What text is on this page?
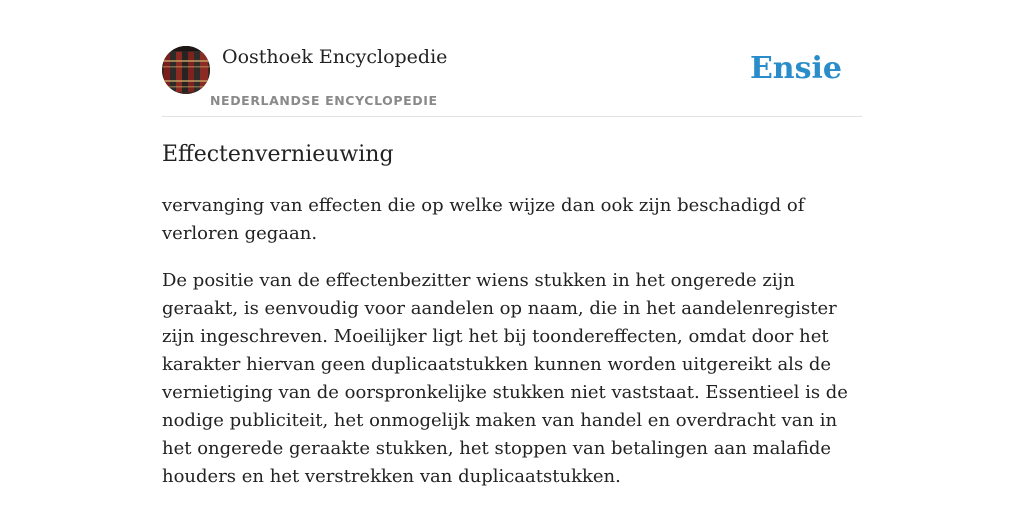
Oosthoek Encyclopedie
NEDERLANDSE ENCYCLOPEDIE
Ensie
Effectenvernieuwing

vervanging van effecten die op welke wijze dan ook zijn beschadigd of verloren gegaan.

De positie van de effectenbezitter wiens stukken in het ongerede zijn geraakt, is eenvoudig voor aandelen op naam, die in het aandelenregister zijn ingeschreven. Moeilijker ligt het bij toondereffecten, omdat door het karakter hiervan geen duplicaatstukken kunnen worden uitgereikt als de vernietiging van de oorspronkelijke stukken niet vaststaat. Essentieel is de nodige publiciteit, het onmogelijk maken van handel en overdracht van in het ongerede geraakte stukken, het stoppen van betalingen aan malafide houders en het verstrekken van duplicaatstukken.
